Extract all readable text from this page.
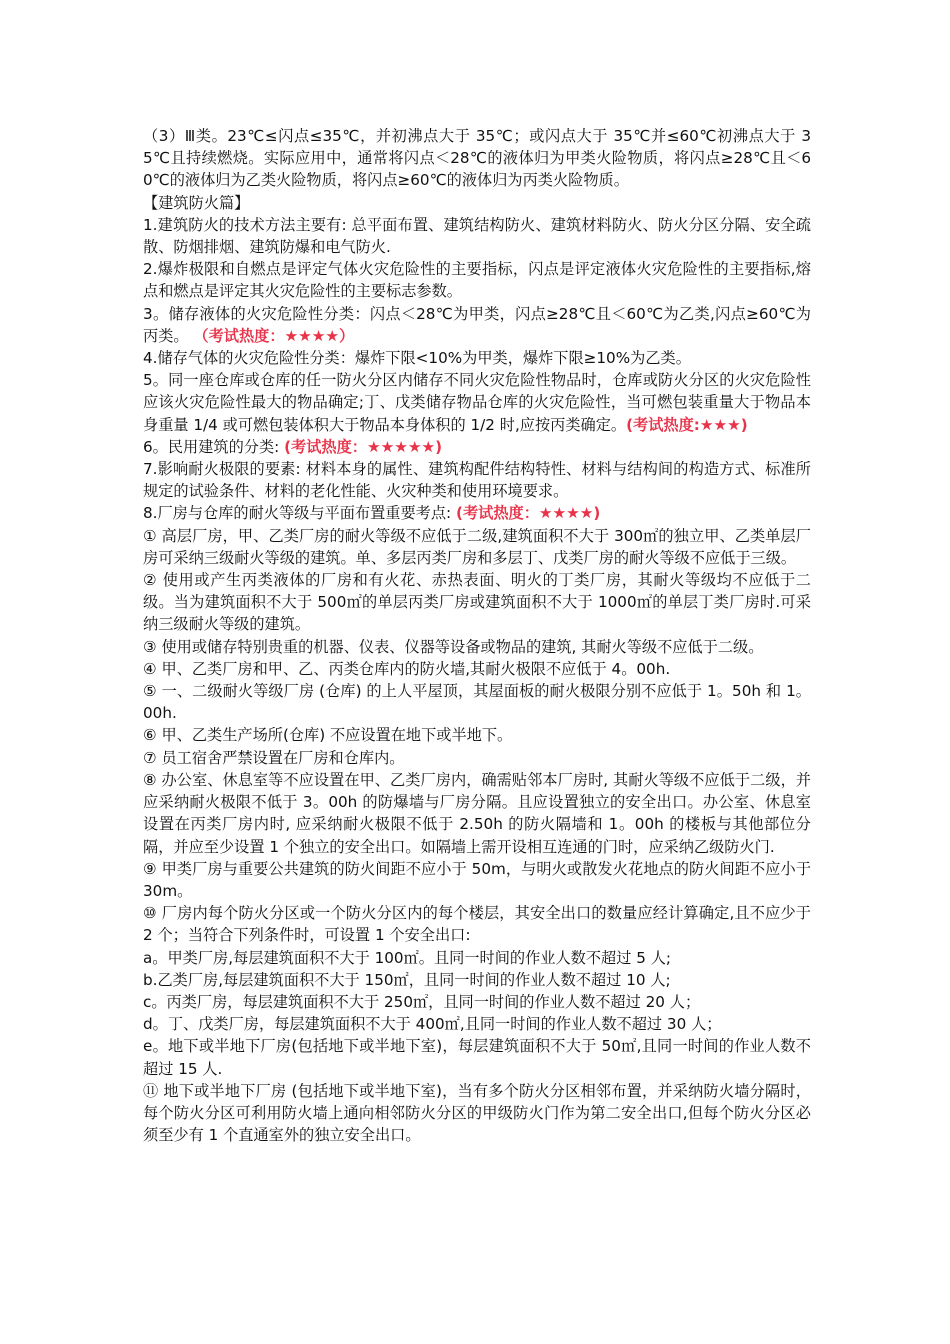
（3）Ⅲ类。23℃≤闪点≤35℃，并初沸点大于 35℃；或闪点大于 35℃并≤60℃初沸点大于 35℃且持续燃烧。实际应用中，通常将闪点＜28℃的液体归为甲类火险物质，将闪点≥28℃且＜60℃的液体归为乙类火险物质，将闪点≥60℃的液体归为丙类火险物质。

【建筑防火篇】

1.建筑防火的技术方法主要有: 总平面布置、建筑结构防火、建筑材料防火、防火分区分隔、安全疏散、防烟排烟、建筑防爆和电气防火.

2.爆炸极限和自燃点是评定气体火灾危险性的主要指标，闪点是评定液体火灾危险性的主要指标,熔点和燃点是评定其火灾危险性的主要标志参数。

3。储存液体的火灾危险性分类：闪点＜28℃为甲类，闪点≥28℃且＜60℃为乙类,闪点≥60℃为丙类。 （考试热度：★★★★）

4.储存气体的火灾危险性分类：爆炸下限<10%为甲类，爆炸下限≥10%为乙类。

5。同一座仓库或仓库的任一防火分区内储存不同火灾危险性物品时，仓库或防火分区的火灾危险性应该火灾危险性最大的物品确定;丁、戊类储存物品仓库的火灾危险性，当可燃包装重量大于物品本身重量 1/4 或可燃包装体积大于物品本身体积的 1/2 时,应按丙类确定。(考试热度:★★★)

6。民用建筑的分类: (考试热度：★★★★★)

7.影响耐火极限的要素: 材料本身的属性、建筑构配件结构特性、材料与结构间的构造方式、标准所规定的试验条件、材料的老化性能、火灾种类和使用环境要求。

8.厂房与仓库的耐火等级与平面布置重要考点: (考试热度：★★★★)

① 高层厂房，甲、乙类厂房的耐火等级不应低于二级,建筑面积不大于 300㎡的独立甲、乙类单层厂房可采纳三级耐火等级的建筑。单、多层丙类厂房和多层丁、戊类厂房的耐火等级不应低于三级。

② 使用或产生丙类液体的厂房和有火花、赤热表面、明火的丁类厂房，其耐火等级均不应低于二级。当为建筑面积不大于 500㎡的单层丙类厂房或建筑面积不大于 1000㎡的单层丁类厂房时.可采纳三级耐火等级的建筑。

③ 使用或储存特别贵重的机器、仪表、仪器等设备或物品的建筑, 其耐火等级不应低于二级。

④ 甲、乙类厂房和甲、乙、丙类仓库内的防火墙,其耐火极限不应低于 4。00h.

⑤ 一、二级耐火等级厂房 (仓库) 的上人平屋顶，其屋面板的耐火极限分别不应低于 1。50h 和 1。00h.

⑥ 甲、乙类生产场所(仓库) 不应设置在地下或半地下。

⑦ 员工宿舍严禁设置在厂房和仓库内。

⑧ 办公室、休息室等不应设置在甲、乙类厂房内，确需贴邻本厂房时, 其耐火等级不应低于二级，并应采纳耐火极限不低于 3。00h 的防爆墙与厂房分隔。且应设置独立的安全出口。办公室、休息室设置在丙类厂房内时, 应采纳耐火极限不低于 2.50h 的防火隔墙和 1。00h 的楼板与其他部位分隔，并应至少设置 1 个独立的安全出口。如隔墙上需开设相互连通的门时，应采纳乙级防火门.

⑨ 甲类厂房与重要公共建筑的防火间距不应小于 50m，与明火或散发火花地点的防火间距不应小于 30m。

⑩ 厂房内每个防火分区或一个防火分区内的每个楼层，其安全出口的数量应经计算确定,且不应少于 2 个；当符合下列条件时，可设置 1 个安全出口:

a。甲类厂房,每层建筑面积不大于 100㎡。且同一时间的作业人数不超过 5 人;

b.乙类厂房,每层建筑面积不大于 150㎡，且同一时间的作业人数不超过 10 人;

c。丙类厂房，每层建筑面积不大于 250㎡，且同一时间的作业人数不超过 20 人；

d。丁、戊类厂房，每层建筑面积不大于 400㎡,且同一时间的作业人数不超过 30 人；

e。地下或半地下厂房(包括地下或半地下室)，每层建筑面积不大于 50㎡,且同一时间的作业人数不超过 15 人.

⑪ 地下或半地下厂房 (包括地下或半地下室)，当有多个防火分区相邻布置，并采纳防火墙分隔时，每个防火分区可利用防火墙上通向相邻防火分区的甲级防火门作为第二安全出口,但每个防火分区必须至少有 1 个直通室外的独立安全出口。
